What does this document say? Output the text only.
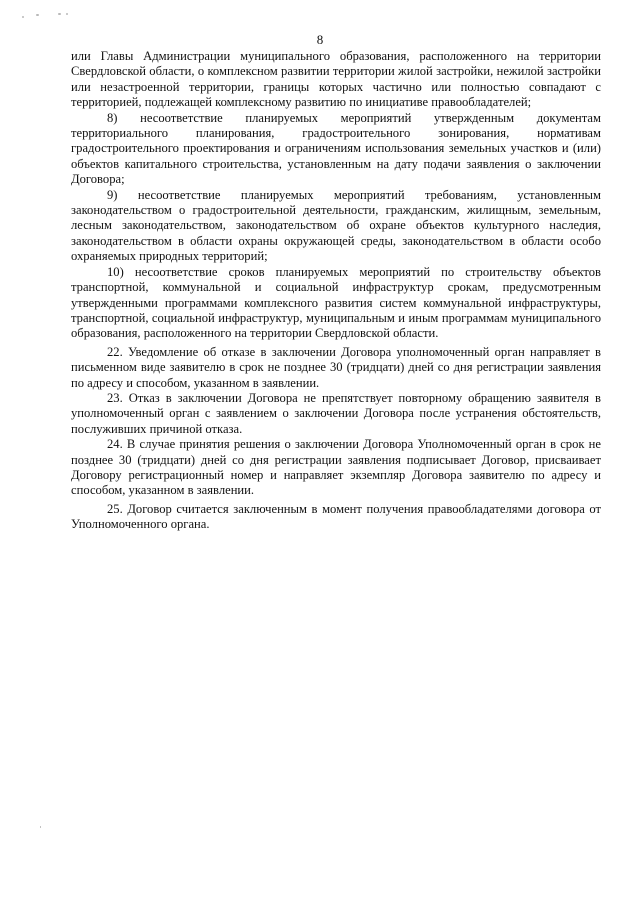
8

или Главы Администрации муниципального образования, расположенного на территории Свердловской области, о комплексном развитии территории жилой застройки, нежилой застройки или незастроенной территории, границы которых частично или полностью совпадают с территорией, подлежащей комплексному развитию по инициативе правообладателей;

8) несоответствие планируемых мероприятий утвержденным документам территориального планирования, градостроительного зонирования, нормативам градостроительного проектирования и ограничениям использования земельных участков и (или) объектов капитального строительства, установленным на дату подачи заявления о заключении Договора;

9) несоответствие планируемых мероприятий требованиям, установленным законодательством о градостроительной деятельности, гражданским, жилищным, земельным, лесным законодательством, законодательством об охране объектов культурного наследия, законодательством в области охраны окружающей среды, законодательством в области особо охраняемых природных территорий;

10) несоответствие сроков планируемых мероприятий по строительству объектов транспортной, коммунальной и социальной инфраструктур срокам, предусмотренным утвержденными программами комплексного развития систем коммунальной инфраструктуры, транспортной, социальной инфраструктур, муниципальным и иным программам муниципального образования, расположенного на территории Свердловской области.

22. Уведомление об отказе в заключении Договора уполномоченный орган направляет в письменном виде заявителю в срок не позднее 30 (тридцати) дней со дня регистрации заявления по адресу и способом, указанном в заявлении.

23. Отказ в заключении Договора не препятствует повторному обращению заявителя в уполномоченный орган с заявлением о заключении Договора после устранения обстоятельств, послуживших причиной отказа.

24. В случае принятия решения о заключении Договора Уполномоченный орган в срок не позднее 30 (тридцати) дней со дня регистрации заявления подписывает Договор, присваивает Договору регистрационный номер и направляет экземпляр Договора заявителю по адресу и способом, указанном в заявлении.

25. Договор считается заключенным в момент получения правообладателями договора от Уполномоченного органа.
